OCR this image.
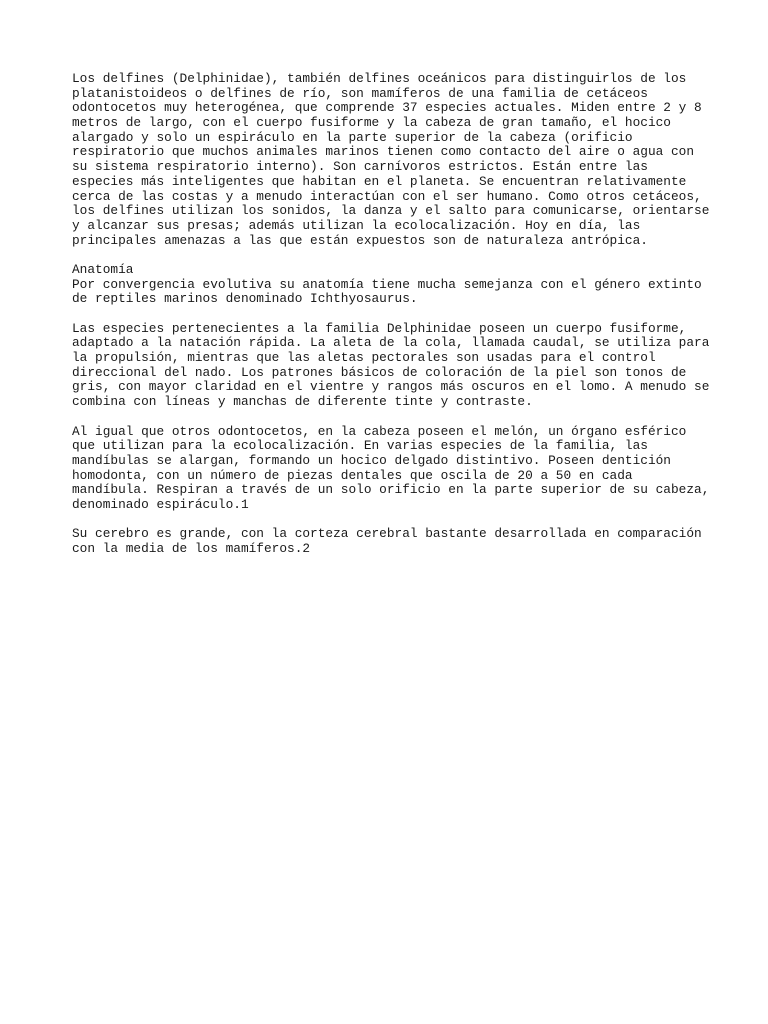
Los delfines (Delphinidae), también delfines oceánicos para distinguirlos de los
platanistoideos o delfines de río, son mamíferos de una familia de cetáceos
odontocetos muy heterogénea, que comprende 37 especies actuales. Miden entre 2 y 8
metros de largo, con el cuerpo fusiforme y la cabeza de gran tamaño, el hocico
alargado y solo un espiráculo en la parte superior de la cabeza (orificio
respiratorio que muchos animales marinos tienen como contacto del aire o agua con
su sistema respiratorio interno). Son carnívoros estrictos. Están entre las
especies más inteligentes que habitan en el planeta. Se encuentran relativamente
cerca de las costas y a menudo interactúan con el ser humano. Como otros cetáceos,
los delfines utilizan los sonidos, la danza y el salto para comunicarse, orientarse
y alcanzar sus presas; además utilizan la ecolocalización. Hoy en día, las
principales amenazas a las que están expuestos son de naturaleza antrópica.
Anatomía
Por convergencia evolutiva su anatomía tiene mucha semejanza con el género extinto
de reptiles marinos denominado Ichthyosaurus.
Las especies pertenecientes a la familia Delphinidae poseen un cuerpo fusiforme,
adaptado a la natación rápida. La aleta de la cola, llamada caudal, se utiliza para
la propulsión, mientras que las aletas pectorales son usadas para el control
direccional del nado. Los patrones básicos de coloración de la piel son tonos de
gris, con mayor claridad en el vientre y rangos más oscuros en el lomo. A menudo se
combina con líneas y manchas de diferente tinte y contraste.
Al igual que otros odontocetos, en la cabeza poseen el melón, un órgano esférico
que utilizan para la ecolocalización. En varias especies de la familia, las
mandíbulas se alargan, formando un hocico delgado distintivo. Poseen dentición
homodonta, con un número de piezas dentales que oscila de 20 a 50 en cada
mandíbula. Respiran a través de un solo orificio en la parte superior de su cabeza,
denominado espiráculo.1
Su cerebro es grande, con la corteza cerebral bastante desarrollada en comparación
con la media de los mamíferos.2
